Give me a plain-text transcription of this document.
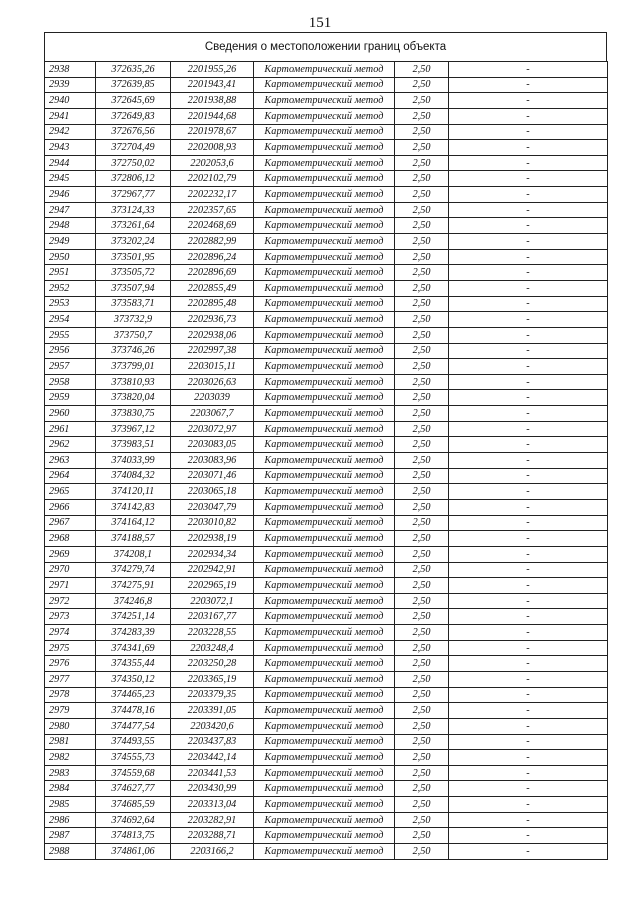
151
Сведения о местоположении границ объекта
2938	372635,26	2201955,26	Картометрический метод	2,50	-
2939	372639,85	2201943,41	Картометрический метод	2,50	-
2940	372645,69	2201938,88	Картометрический метод	2,50	-
2941	372649,83	2201944,68	Картометрический метод	2,50	-
2942	372676,56	2201978,67	Картометрический метод	2,50	-
2943	372704,49	2202008,93	Картометрический метод	2,50	-
2944	372750,02	2202053,6	Картометрический метод	2,50	-
2945	372806,12	2202102,79	Картометрический метод	2,50	-
2946	372967,77	2202232,17	Картометрический метод	2,50	-
2947	373124,33	2202357,65	Картометрический метод	2,50	-
2948	373261,64	2202468,69	Картометрический метод	2,50	-
2949	373202,24	2202882,99	Картометрический метод	2,50	-
2950	373501,95	2202896,24	Картометрический метод	2,50	-
2951	373505,72	2202896,69	Картометрический метод	2,50	-
2952	373507,94	2202855,49	Картометрический метод	2,50	-
2953	373583,71	2202895,48	Картометрический метод	2,50	-
2954	373732,9	2202936,73	Картометрический метод	2,50	-
2955	373750,7	2202938,06	Картометрический метод	2,50	-
2956	373746,26	2202997,38	Картометрический метод	2,50	-
2957	373799,01	2203015,11	Картометрический метод	2,50	-
2958	373810,93	2203026,63	Картометрический метод	2,50	-
2959	373820,04	2203039	Картометрический метод	2,50	-
2960	373830,75	2203067,7	Картометрический метод	2,50	-
2961	373967,12	2203072,97	Картометрический метод	2,50	-
2962	373983,51	2203083,05	Картометрический метод	2,50	-
2963	374033,99	2203083,96	Картометрический метод	2,50	-
2964	374084,32	2203071,46	Картометрический метод	2,50	-
2965	374120,11	2203065,18	Картометрический метод	2,50	-
2966	374142,83	2203047,79	Картометрический метод	2,50	-
2967	374164,12	2203010,82	Картометрический метод	2,50	-
2968	374188,57	2202938,19	Картометрический метод	2,50	-
2969	374208,1	2202934,34	Картометрический метод	2,50	-
2970	374279,74	2202942,91	Картометрический метод	2,50	-
2971	374275,91	2202965,19	Картометрический метод	2,50	-
2972	374246,8	2203072,1	Картометрический метод	2,50	-
2973	374251,14	2203167,77	Картометрический метод	2,50	-
2974	374283,39	2203228,55	Картометрический метод	2,50	-
2975	374341,69	2203248,4	Картометрический метод	2,50	-
2976	374355,44	2203250,28	Картометрический метод	2,50	-
2977	374350,12	2203365,19	Картометрический метод	2,50	-
2978	374465,23	2203379,35	Картометрический метод	2,50	-
2979	374478,16	2203391,05	Картометрический метод	2,50	-
2980	374477,54	2203420,6	Картометрический метод	2,50	-
2981	374493,55	2203437,83	Картометрический метод	2,50	-
2982	374555,73	2203442,14	Картометрический метод	2,50	-
2983	374559,68	2203441,53	Картометрический метод	2,50	-
2984	374627,77	2203430,99	Картометрический метод	2,50	-
2985	374685,59	2203313,04	Картометрический метод	2,50	-
2986	374692,64	2203282,91	Картометрический метод	2,50	-
2987	374813,75	2203288,71	Картометрический метод	2,50	-
2988	374861,06	2203166,2	Картометрический метод	2,50	-
